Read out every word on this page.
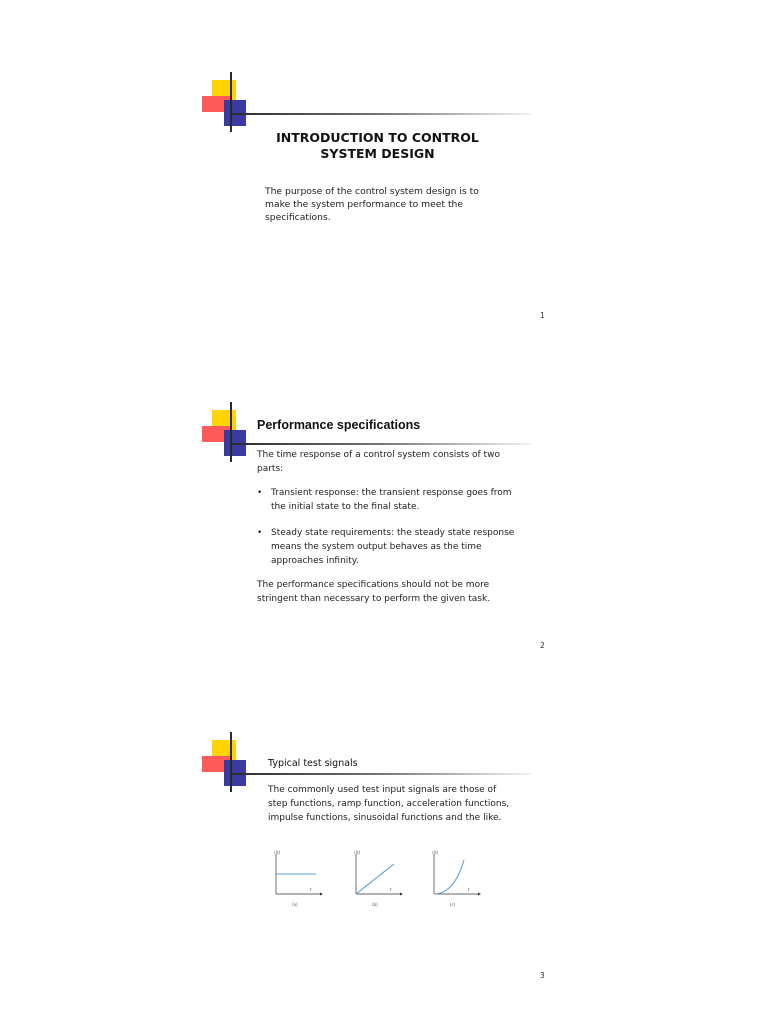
INTRODUCTION TO CONTROL SYSTEM DESIGN
The purpose of the control system design is to make the system performance to meet the specifications.
1
Performance specifications
The time response of a control system consists of two parts:
• Transient response: the transient response goes from the initial state to the final state.
• Steady state requirements: the steady state response means the system output behaves as the time approaches infinity.
The performance specifications should not be more stringent than necessary to perform the given task.
2
Typical test signals
The commonly used test input signals are those of step functions, ramp function, acceleration functions, impulse functions, sinusoidal functions and the like.
r(t)
t
(a)
r(t)
t
(b)
r(t)
t
(c)
3
